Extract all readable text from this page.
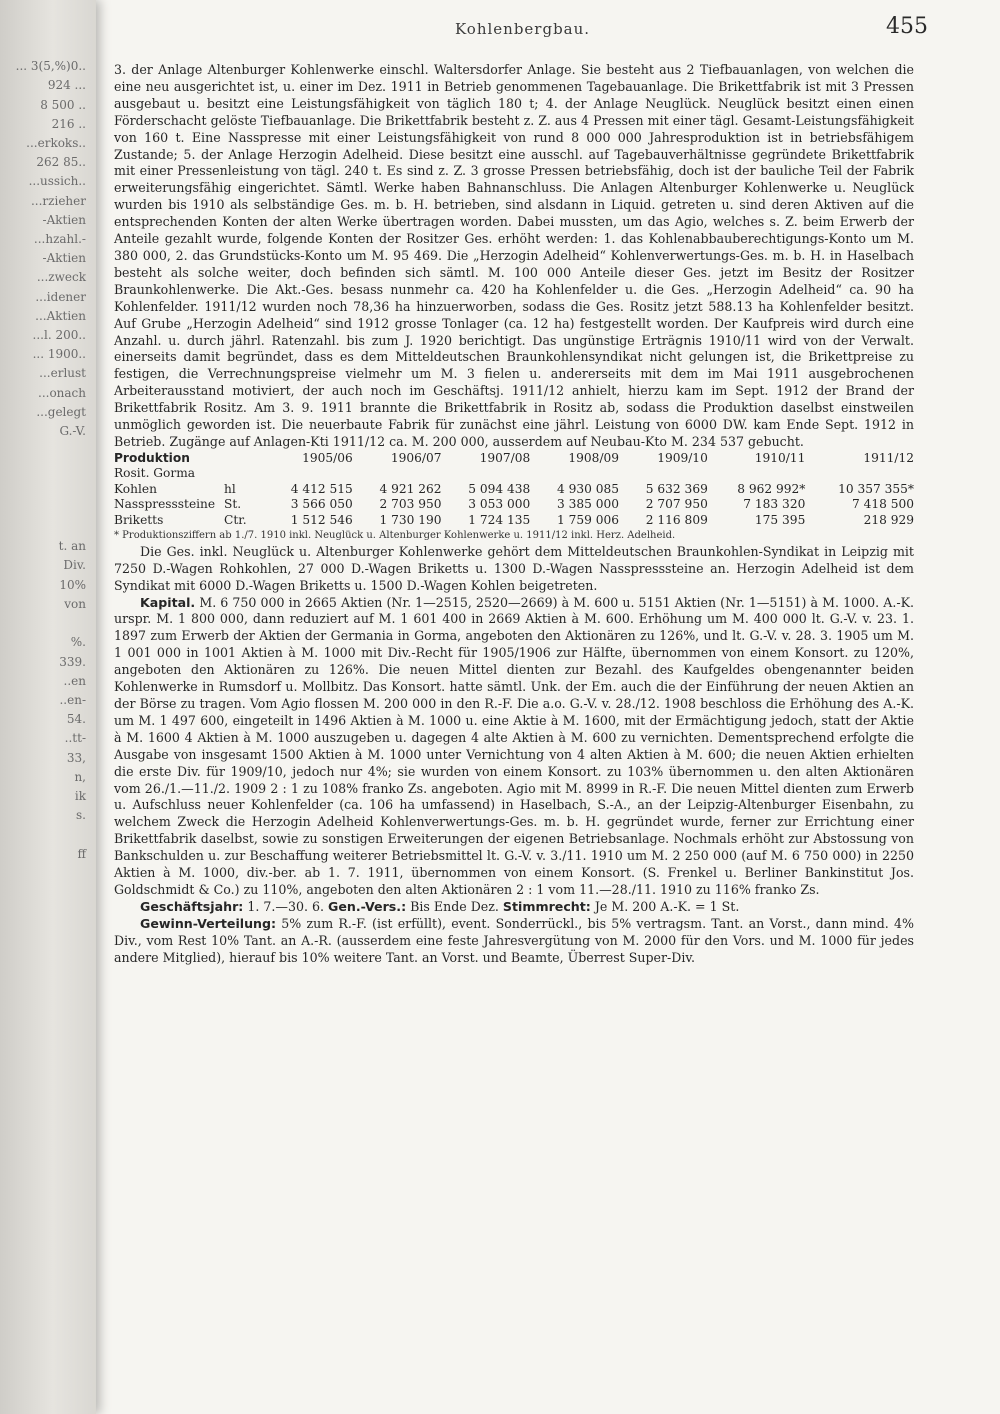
... 3(5,%)0..
924 ...
8 500 ..
216 ..
...erkoks..
262 85..
...ussich..
...rzieher
-Aktien
...hzahl.-
-Aktien
...zweck
...idener
...Aktien
...l. 200..
... 1900..
...erlust
...onach
...gelegt
G.-V.

t. an
Div.
10%
von

%.
339.
..en
..en-
54.
..tt-
33,
n,
ik
s.

ff
Kohlenbergbau.	455

3. der Anlage Altenburger Kohlenwerke einschl. Waltersdorfer Anlage. Sie besteht aus 2 Tiefbauanlagen, von welchen die eine neu ausgerichtet ist, u. einer im Dez. 1911 in Betrieb genommenen Tagebauanlage. Die Brikettfabrik ist mit 3 Pressen ausgebaut u. besitzt eine Leistungsfähigkeit von täglich 180 t; 4. der Anlage Neuglück. Neuglück besitzt einen einen Förderschacht gelöste Tiefbauanlage. Die Brikettfabrik besteht z. Z. aus 4 Pressen mit einer tägl. Gesamt-Leistungsfähigkeit von 160 t. Eine Nasspresse mit einer Leistungsfähigkeit von rund 8 000 000 Jahresproduktion ist in betriebsfähigem Zustande; 5. der Anlage Herzogin Adelheid. Diese besitzt eine ausschl. auf Tagebauverhältnisse gegründete Brikettfabrik mit einer Pressenleistung von tägl. 240 t. Es sind z. Z. 3 grosse Pressen betriebsfähig, doch ist der bauliche Teil der Fabrik erweiterungsfähig eingerichtet. Sämtl. Werke haben Bahnanschluss. Die Anlagen Altenburger Kohlenwerke u. Neuglück wurden bis 1910 als selbständige Ges. m. b. H. betrieben, sind alsdann in Liquid. getreten u. sind deren Aktiven auf die entsprechenden Konten der alten Werke übertragen worden. Dabei mussten, um das Agio, welches s. Z. beim Erwerb der Anteile gezahlt wurde, folgende Konten der Rositzer Ges. erhöht werden: 1. das Kohlenabbauberechtigungs-Konto um M. 380 000, 2. das Grundstücks-Konto um M. 95 469. Die „Herzogin Adelheid“ Kohlenverwertungs-Ges. m. b. H. in Haselbach besteht als solche weiter, doch befinden sich sämtl. M. 100 000 Anteile dieser Ges. jetzt im Besitz der Rositzer Braunkohlenwerke. Die Akt.-Ges. besass nunmehr ca. 420 ha Kohlenfelder u. die Ges. „Herzogin Adelheid“ ca. 90 ha Kohlenfelder. 1911/12 wurden noch 78,36 ha hinzuerworben, sodass die Ges. Rositz jetzt 588.13 ha Kohlenfelder besitzt. Auf Grube „Herzogin Adelheid“ sind 1912 grosse Tonlager (ca. 12 ha) festgestellt worden. Der Kaufpreis wird durch eine Anzahl. u. durch jährl. Ratenzahl. bis zum J. 1920 berichtigt. Das ungünstige Erträgnis 1910/11 wird von der Verwalt. einerseits damit begründet, dass es dem Mitteldeutschen Braunkohlensyndikat nicht gelungen ist, die Brikettpreise zu festigen, die Verrechnungspreise vielmehr um M. 3 fielen u. andererseits mit dem im Mai 1911 ausgebrochenen Arbeiterausstand motiviert, der auch noch im Geschäftsj. 1911/12 anhielt, hierzu kam im Sept. 1912 der Brand der Brikettfabrik Rositz. Am 3. 9. 1911 brannte die Brikettfabrik in Rositz ab, sodass die Produktion daselbst einstweilen unmöglich geworden ist. Die neuerbaute Fabrik für zunächst eine jährl. Leistung von 6000 DW. kam Ende Sept. 1912 in Betrieb. Zugänge auf Anlagen-Kti 1911/12 ca. M. 200 000, ausserdem auf Neubau-Kto M. 234 537 gebucht.

Produktion		1905/06	1906/07	1907/08	1908/09	1909/10	1910/11	1911/12
Rosit. Gorma								
Kohlen	hl	4 412 515	4 921 262	5 094 438	4 930 085	5 632 369	8 962 992*	10 357 355*
Nasspresssteine	St.	3 566 050	2 703 950	3 053 000	3 385 000	2 707 950	7 183 320	7 418 500
Briketts	Ctr.	1 512 546	1 730 190	1 724 135	1 759 006	2 116 809	175 395	218 929
* Produktionsziffern ab 1./7. 1910 inkl. Neuglück u. Altenburger Kohlenwerke u. 1911/12 inkl. Herz. Adelheid.								

Die Ges. inkl. Neuglück u. Altenburger Kohlenwerke gehört dem Mitteldeutschen Braunkohlen-Syndikat in Leipzig mit 7250 D.-Wagen Rohkohlen, 27 000 D.-Wagen Briketts u. 1300 D.-Wagen Nasspresssteine an. Herzogin Adelheid ist dem Syndikat mit 6000 D.-Wagen Briketts u. 1500 D.-Wagen Kohlen beigetreten.

Kapital. M. 6 750 000 in 2665 Aktien (Nr. 1—2515, 2520—2669) à M. 600 u. 5151 Aktien (Nr. 1—5151) à M. 1000. A.-K. urspr. M. 1 800 000, dann reduziert auf M. 1 601 400 in 2669 Aktien à M. 600. Erhöhung um M. 400 000 lt. G.-V. v. 23. 1. 1897 zum Erwerb der Aktien der Germania in Gorma, angeboten den Aktionären zu 126%, und lt. G.-V. v. 28. 3. 1905 um M. 1 001 000 in 1001 Aktien à M. 1000 mit Div.-Recht für 1905/1906 zur Hälfte, übernommen von einem Konsort. zu 120%, angeboten den Aktionären zu 126%. Die neuen Mittel dienten zur Bezahl. des Kaufgeldes obengenannter beiden Kohlenwerke in Rumsdorf u. Mollbitz. Das Konsort. hatte sämtl. Unk. der Em. auch die der Einführung der neuen Aktien an der Börse zu tragen. Vom Agio flossen M. 200 000 in den R.-F. Die a.o. G.-V. v. 28./12. 1908 beschloss die Erhöhung des A.-K. um M. 1 497 600, eingeteilt in 1496 Aktien à M. 1000 u. eine Aktie à M. 1600, mit der Ermächtigung jedoch, statt der Aktie à M. 1600 4 Aktien à M. 1000 auszugeben u. dagegen 4 alte Aktien à M. 600 zu vernichten. Dementsprechend erfolgte die Ausgabe von insgesamt 1500 Aktien à M. 1000 unter Vernichtung von 4 alten Aktien à M. 600; die neuen Aktien erhielten die erste Div. für 1909/10, jedoch nur 4%; sie wurden von einem Konsort. zu 103% übernommen u. den alten Aktionären vom 26./1.—11./2. 1909 2 : 1 zu 108% franko Zs. angeboten. Agio mit M. 8999 in R.-F. Die neuen Mittel dienten zum Erwerb u. Aufschluss neuer Kohlenfelder (ca. 106 ha umfassend) in Haselbach, S.-A., an der Leipzig-Altenburger Eisenbahn, zu welchem Zweck die Herzogin Adelheid Kohlenverwertungs-Ges. m. b. H. gegründet wurde, ferner zur Errichtung einer Brikettfabrik daselbst, sowie zu sonstigen Erweiterungen der eigenen Betriebsanlage. Nochmals erhöht zur Abstossung von Bankschulden u. zur Beschaffung weiterer Betriebsmittel lt. G.-V. v. 3./11. 1910 um M. 2 250 000 (auf M. 6 750 000) in 2250 Aktien à M. 1000, div.-ber. ab 1. 7. 1911, übernommen von einem Konsort. (S. Frenkel u. Berliner Bankinstitut Jos. Goldschmidt & Co.) zu 110%, angeboten den alten Aktionären 2 : 1 vom 11.—28./11. 1910 zu 116% franko Zs.

Geschäftsjahr: 1. 7.—30. 6. Gen.-Vers.: Bis Ende Dez. Stimmrecht: Je M. 200 A.-K. = 1 St.

Gewinn-Verteilung: 5% zum R.-F. (ist erfüllt), event. Sonderrückl., bis 5% vertragsm. Tant. an Vorst., dann mind. 4% Div., vom Rest 10% Tant. an A.-R. (ausserdem eine feste Jahresvergütung von M. 2000 für den Vors. und M. 1000 für jedes andere Mitglied), hierauf bis 10% weitere Tant. an Vorst. und Beamte, Überrest Super-Div.
